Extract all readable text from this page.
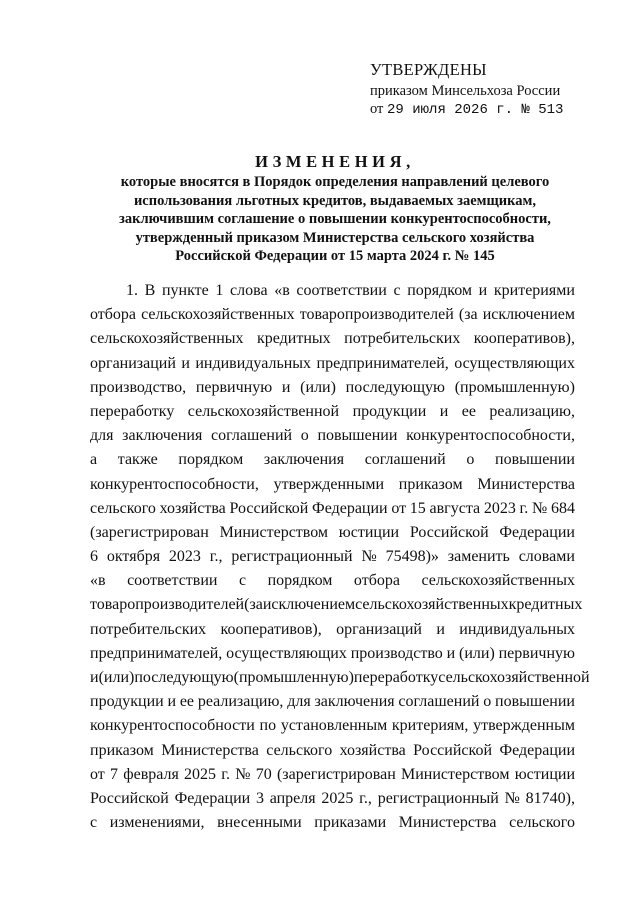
УТВЕРЖДЕНЫ
приказом Минсельхоза России
от 29 июля 2026 г. № 513
ИЗМЕНЕНИЯ,
которые вносятся в Порядок определения направлений целевого
использования льготных кредитов, выдаваемых заемщикам,
заключившим соглашение о повышении конкурентоспособности,
утвержденный приказом Министерства сельского хозяйства
Российской Федерации от 15 марта 2024 г. № 145
1. В пункте 1 слова «в соответствии с порядком и критериями
отбора сельскохозяйственных товаропроизводителей (за исключением
сельскохозяйственных кредитных потребительских кооперативов),
организаций и индивидуальных предпринимателей, осуществляющих
производство, первичную и (или) последующую (промышленную)
переработку сельскохозяйственной продукции и ее реализацию,
для заключения соглашений о повышении конкурентоспособности,
а также порядком заключения соглашений о повышении
конкурентоспособности, утвержденными приказом Министерства
сельского хозяйства Российской Федерации от 15 августа 2023 г. № 684
(зарегистрирован Министерством юстиции Российской Федерации
6 октября 2023 г., регистрационный № 75498)» заменить словами
«в соответствии с порядком отбора сельскохозяйственных
товаропроизводителей (за исключением сельскохозяйственных кредитных
потребительских кооперативов), организаций и индивидуальных
предпринимателей, осуществляющих производство и (или) первичную
и (или) последующую (промышленную) переработку сельскохозяйственной
продукции и ее реализацию, для заключения соглашений о повышении
конкурентоспособности по установленным критериям, утвержденным
приказом Министерства сельского хозяйства Российской Федерации
от 7 февраля 2025 г. № 70 (зарегистрирован Министерством юстиции
Российской Федерации 3 апреля 2025 г., регистрационный № 81740),
с изменениями, внесенными приказами Министерства сельского
